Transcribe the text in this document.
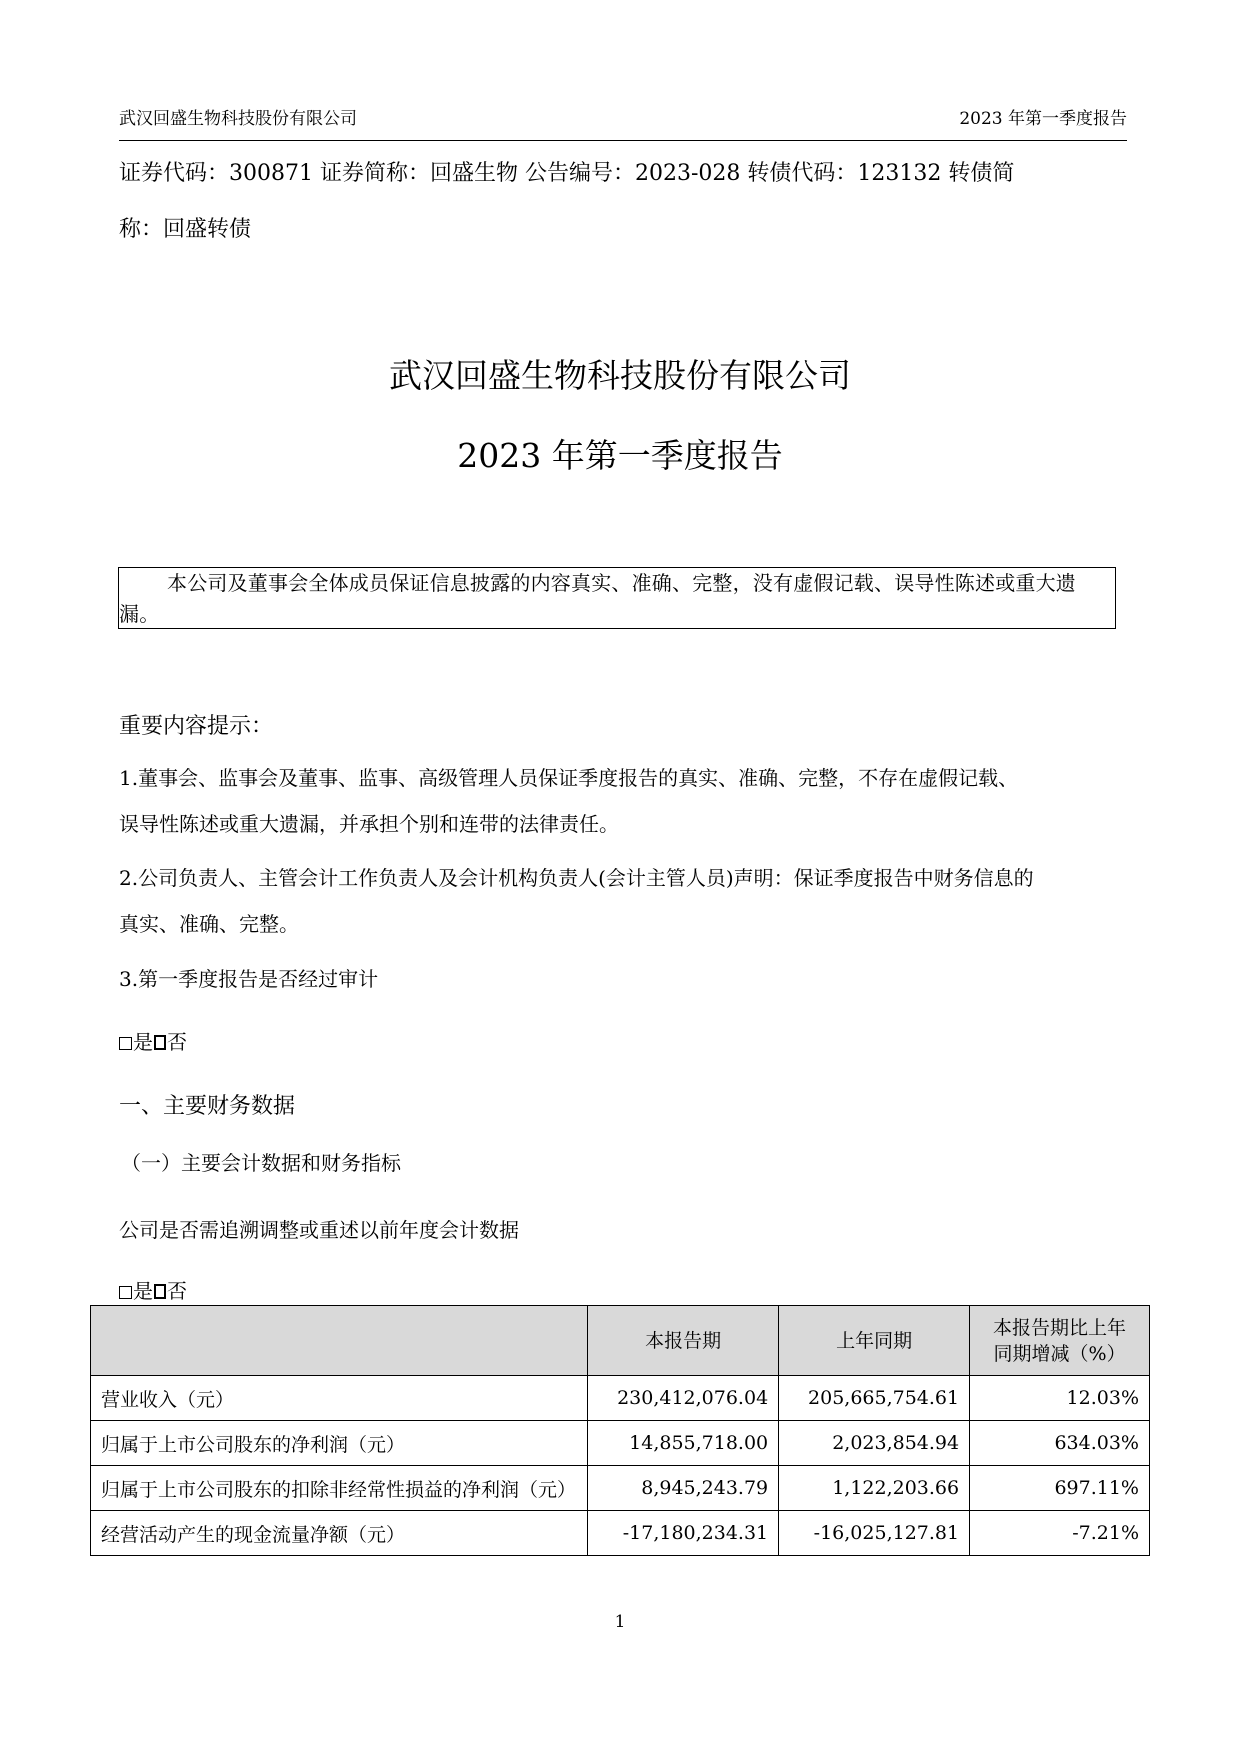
武汉回盛生物科技股份有限公司	2023 年第一季度报告
证券代码：300871 证券简称：回盛生物 公告编号：2023-028 转债代码：123132 转债简
称：回盛转债
武汉回盛生物科技股份有限公司
2023 年第一季度报告
本公司及董事会全体成员保证信息披露的内容真实、准确、完整，没有虚假记载、误导性陈述或重大遗漏。
重要内容提示：
1.董事会、监事会及董事、监事、高级管理人员保证季度报告的真实、准确、完整，不存在虚假记载、
误导性陈述或重大遗漏，并承担个别和连带的法律责任。
2.公司负责人、主管会计工作负责人及会计机构负责人(会计主管人员)声明：保证季度报告中财务信息的
真实、准确、完整。
3.第一季度报告是否经过审计
是 否
一、主要财务数据
（一）主要会计数据和财务指标
公司是否需追溯调整或重述以前年度会计数据
是 否
	本报告期	上年同期	本报告期比上年同期增减（%）
营业收入（元）	230,412,076.04	205,665,754.61	12.03%
归属于上市公司股东的净利润（元）	14,855,718.00	2,023,854.94	634.03%
归属于上市公司股东的扣除非经常性损益的净利润（元）	8,945,243.79	1,122,203.66	697.11%
经营活动产生的现金流量净额（元）	-17,180,234.31	-16,025,127.81	-7.21%
1
